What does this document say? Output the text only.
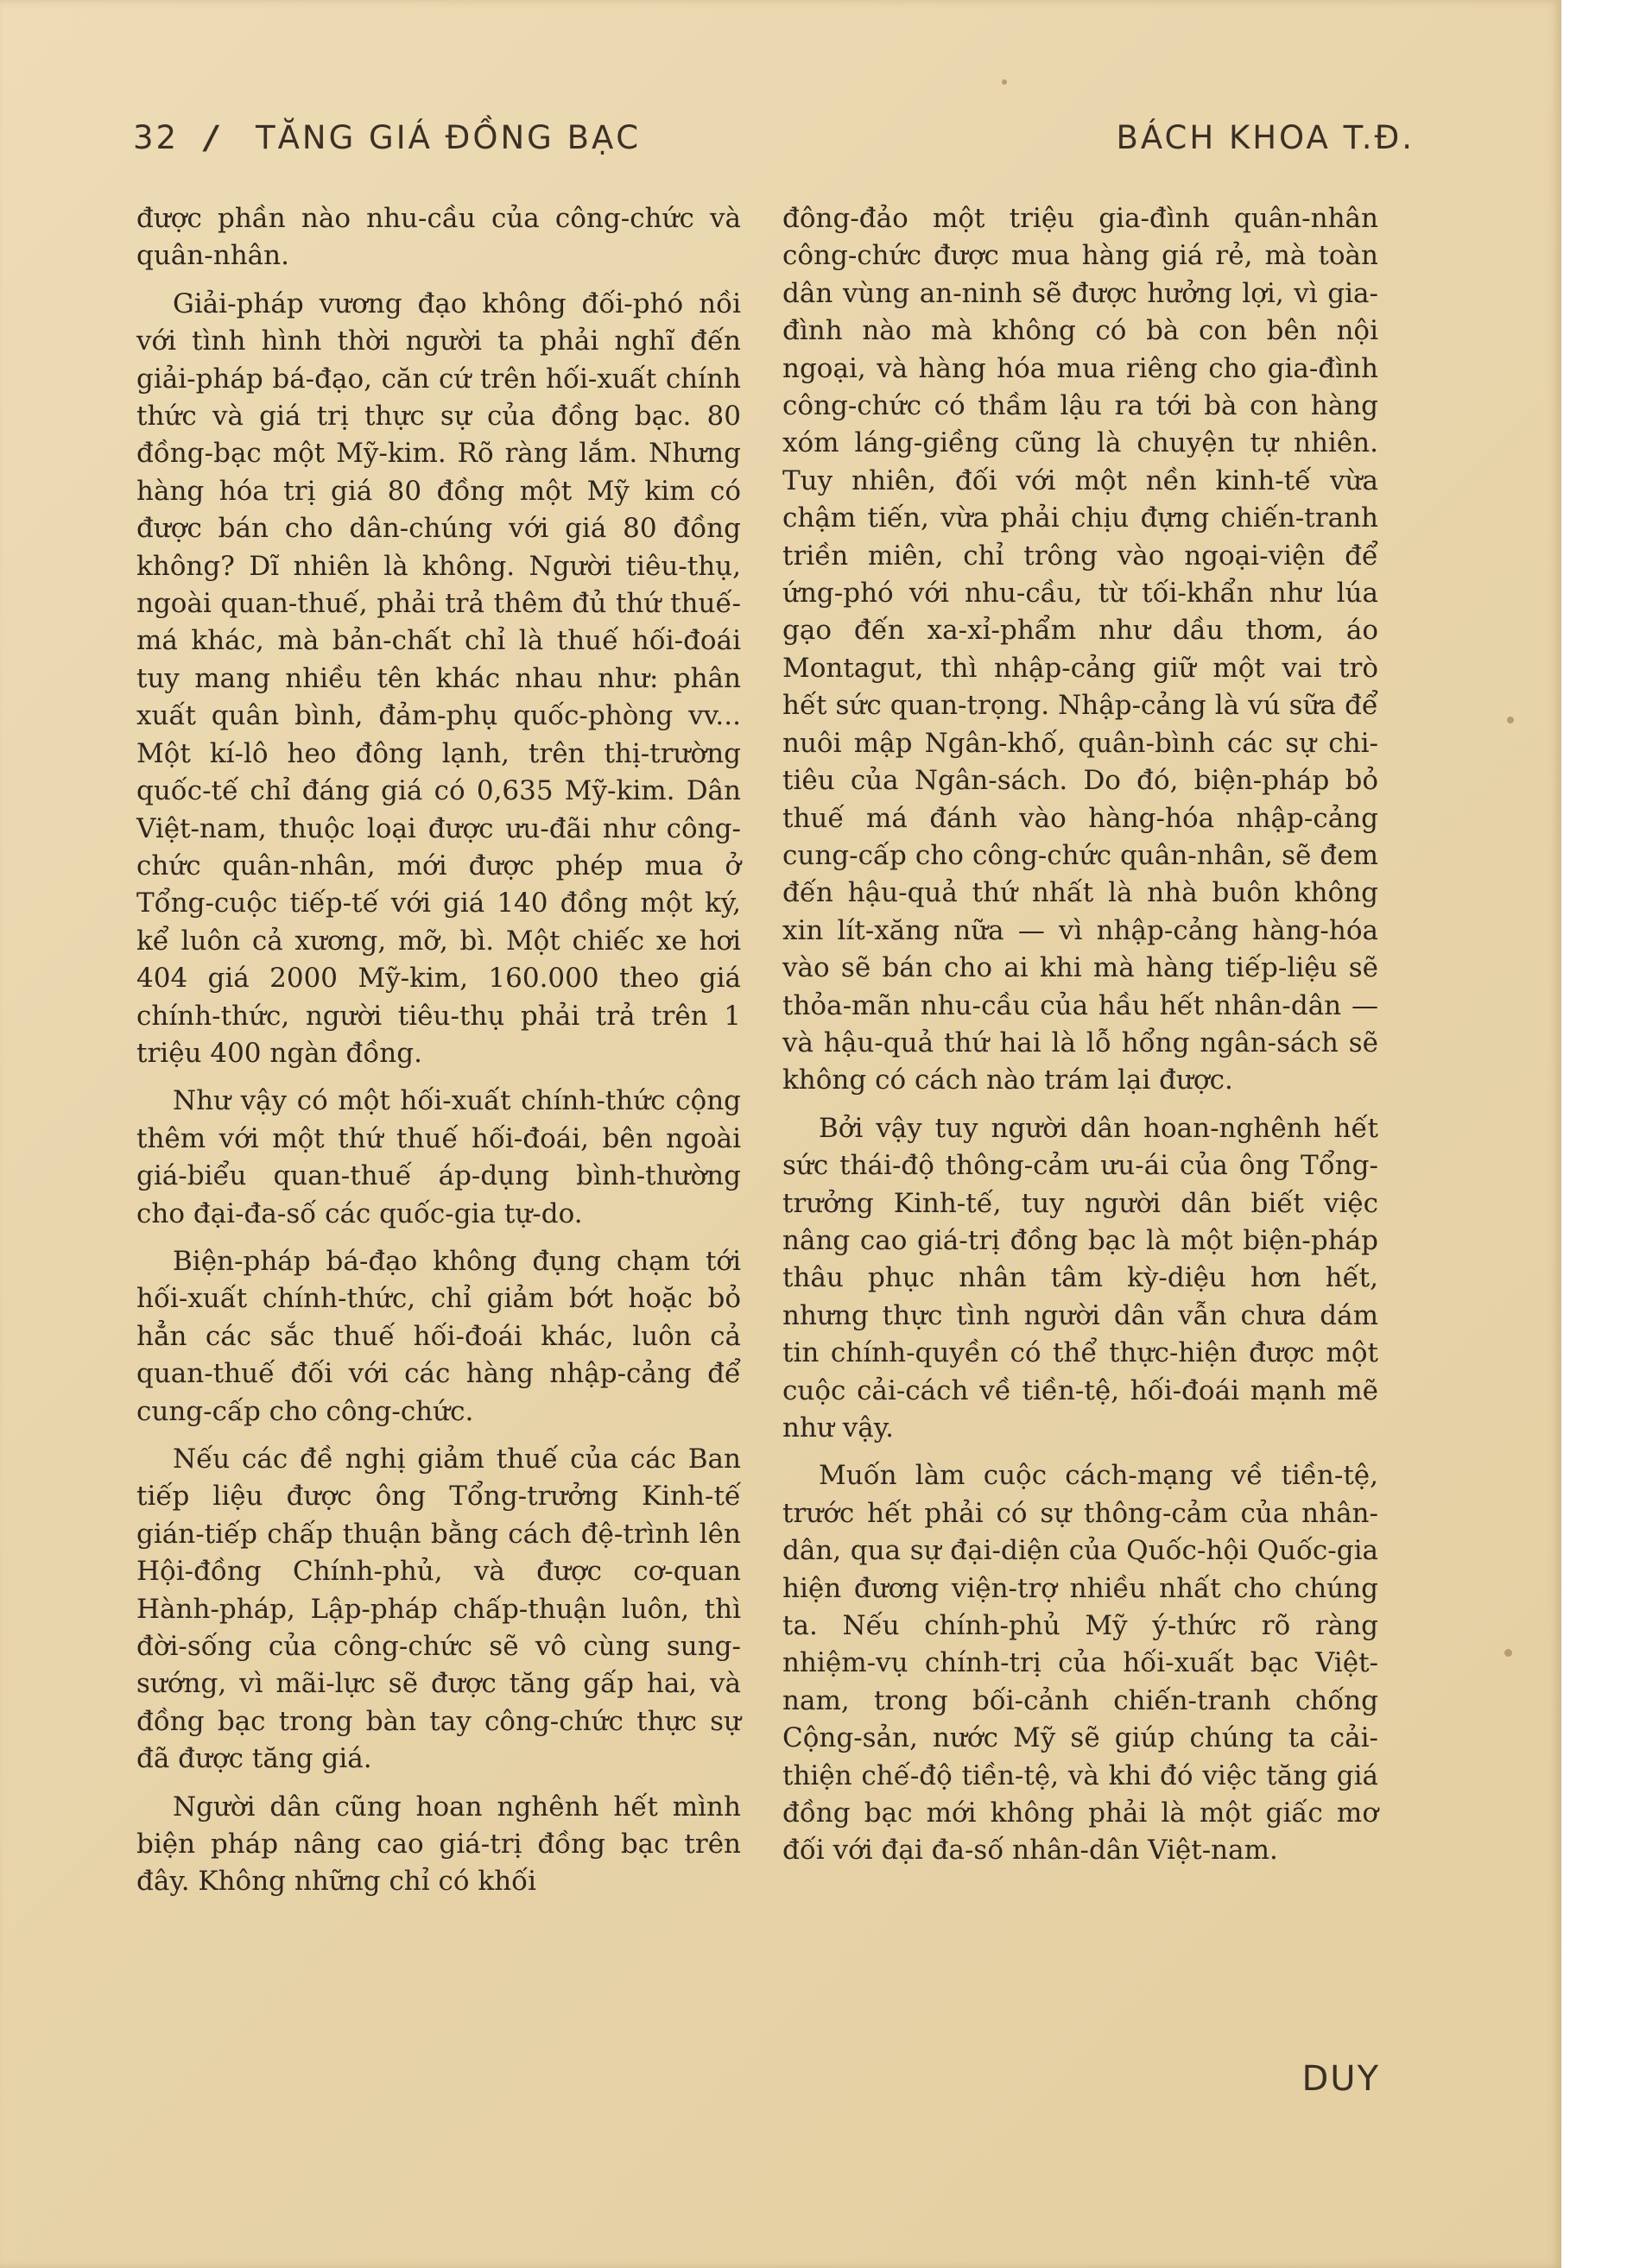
32 / TĂNG GIÁ ĐỒNG BẠC	BÁCH KHOA T.Đ.

được phần nào nhu-cầu của công-chức và quân-nhân.

Giải-pháp vương đạo không đối-phó nồi với tình hình thời người ta phải nghĩ đến giải-pháp bá-đạo, căn cứ trên hối-xuất chính thức và giá trị thực sự của đồng bạc. 80 đồng-bạc một Mỹ-kim. Rõ ràng lắm. Nhưng hàng hóa trị giá 80 đồng một Mỹ kim có được bán cho dân-chúng với giá 80 đồng không? Dĩ nhiên là không. Người tiêu-thụ, ngoài quan-thuế, phải trả thêm đủ thứ thuế-má khác, mà bản-chất chỉ là thuế hối-đoái tuy mang nhiều tên khác nhau như: phân xuất quân bình, đảm-phụ quốc-phòng vv... Một kí-lô heo đông lạnh, trên thị-trường quốc-tế chỉ đáng giá có 0,635 Mỹ-kim. Dân Việt-nam, thuộc loại được ưu-đãi như công-chức quân-nhân, mới được phép mua ở Tổng-cuộc tiếp-tế với giá 140 đồng một ký, kể luôn cả xương, mỡ, bì. Một chiếc xe hơi 404 giá 2000 Mỹ-kim, 160.000 theo giá chính-thức, người tiêu-thụ phải trả trên 1 triệu 400 ngàn đồng.

Như vậy có một hối-xuất chính-thức cộng thêm với một thứ thuế hối-đoái, bên ngoài giá-biểu quan-thuế áp-dụng bình-thường cho đại-đa-số các quốc-gia tự-do.

Biện-pháp bá-đạo không đụng chạm tới hối-xuất chính-thức, chỉ giảm bớt hoặc bỏ hẳn các sắc thuế hối-đoái khác, luôn cả quan-thuế đối với các hàng nhập-cảng để cung-cấp cho công-chức.

Nếu các đề nghị giảm thuế của các Ban tiếp liệu được ông Tổng-trưởng Kinh-tế gián-tiếp chấp thuận bằng cách đệ-trình lên Hội-đồng Chính-phủ, và được cơ-quan Hành-pháp, Lập-pháp chấp-thuận luôn, thì đời-sống của công-chức sẽ vô cùng sung-sướng, vì mãi-lực sẽ được tăng gấp hai, và đồng bạc trong bàn tay công-chức thực sự đã được tăng giá.

Người dân cũng hoan nghênh hết mình biện pháp nâng cao giá-trị đồng bạc trên đây. Không những chỉ có khối

đông-đảo một triệu gia-đình quân-nhân công-chức được mua hàng giá rẻ, mà toàn dân vùng an-ninh sẽ được hưởng lợi, vì gia-đình nào mà không có bà con bên nội ngoại, và hàng hóa mua riêng cho gia-đình công-chức có thầm lậu ra tới bà con hàng xóm láng-giềng cũng là chuyện tự nhiên. Tuy nhiên, đối với một nền kinh-tế vừa chậm tiến, vừa phải chịu đựng chiến-tranh triền miên, chỉ trông vào ngoại-viện để ứng-phó với nhu-cầu, từ tối-khẩn như lúa gạo đến xa-xỉ-phẩm như dầu thơm, áo Montagut, thì nhập-cảng giữ một vai trò hết sức quan-trọng. Nhập-cảng là vú sữa để nuôi mập Ngân-khố, quân-bình các sự chi-tiêu của Ngân-sách. Do đó, biện-pháp bỏ thuế má đánh vào hàng-hóa nhập-cảng cung-cấp cho công-chức quân-nhân, sẽ đem đến hậu-quả thứ nhất là nhà buôn không xin lít-xăng nữa — vì nhập-cảng hàng-hóa vào sẽ bán cho ai khi mà hàng tiếp-liệu sẽ thỏa-mãn nhu-cầu của hầu hết nhân-dân — và hậu-quả thứ hai là lỗ hổng ngân-sách sẽ không có cách nào trám lại được.

Bởi vậy tuy người dân hoan-nghênh hết sức thái-độ thông-cảm ưu-ái của ông Tổng-trưởng Kinh-tế, tuy người dân biết việc nâng cao giá-trị đồng bạc là một biện-pháp thâu phục nhân tâm kỳ-diệu hơn hết, nhưng thực tình người dân vẫn chưa dám tin chính-quyền có thể thực-hiện được một cuộc cải-cách về tiền-tệ, hối-đoái mạnh mẽ như vậy.

Muốn làm cuộc cách-mạng về tiền-tệ, trước hết phải có sự thông-cảm của nhân-dân, qua sự đại-diện của Quốc-hội Quốc-gia hiện đương viện-trợ nhiều nhất cho chúng ta. Nếu chính-phủ Mỹ ý-thức rõ ràng nhiệm-vụ chính-trị của hối-xuất bạc Việt-nam, trong bối-cảnh chiến-tranh chống Cộng-sản, nước Mỹ sẽ giúp chúng ta cải-thiện chế-độ tiền-tệ, và khi đó việc tăng giá đồng bạc mới không phải là một giấc mơ đối với đại đa-số nhân-dân Việt-nam.

DUY
